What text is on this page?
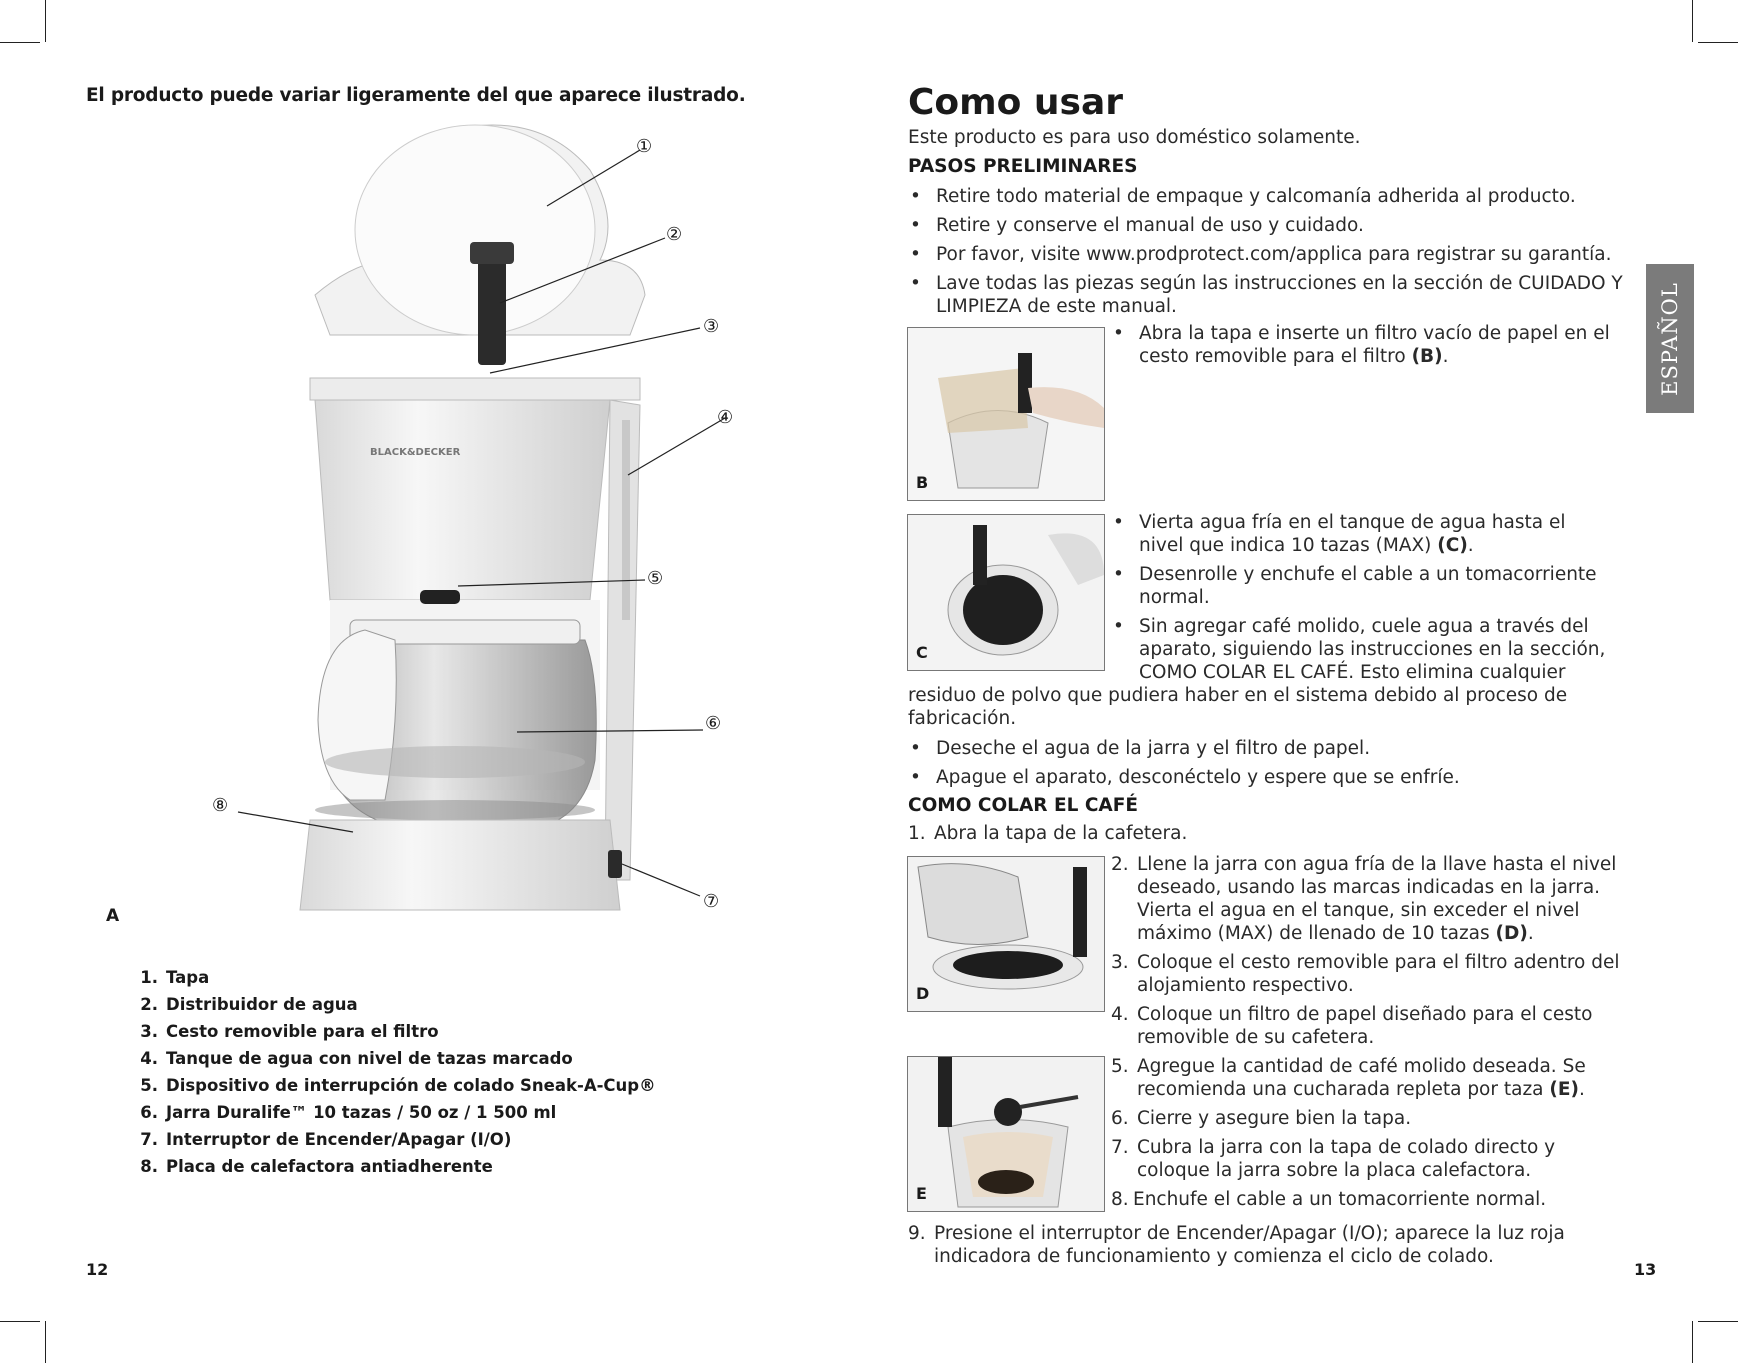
El producto puede variar ligeramente del que aparece ilustrado.
BLACK&DECKER
①
②
③
④
⑤
⑥
⑦
⑧
A
1. Tapa
2. Distribuidor de agua
3. Cesto removible para el filtro
4. Tanque de agua con nivel de tazas marcado
5. Dispositivo de interrupción de colado Sneak-A-Cup®
6. Jarra Duralife™ 10 tazas / 50 oz / 1 500 ml
7. Interruptor de Encender/Apagar (I/O)
8. Placa de calefactora antiadherente
12
Como usar
Este producto es para uso doméstico solamente.
PASOS PRELIMINARES
• Retire todo material de empaque y calcomanía adherida al producto.
• Retire y conserve el manual de uso y cuidado.
• Por favor, visite www.prodprotect.com/applica para registrar su garantía.
• Lave todas las piezas según las instrucciones en la sección de CUIDADO Y LIMPIEZA de este manual.
B
• Abra la tapa e inserte un filtro vacío de papel en el cesto removible para el filtro (B).
C
• Vierta agua fría en el tanque de agua hasta el nivel que indica 10 tazas (MAX) (C).
• Desenrolle y enchufe el cable a un tomacorriente normal.
• Sin agregar café molido, cuele agua a través del aparato, siguiendo las instrucciones en la sección, COMO COLAR EL CAFÉ. Esto elimina cualquier
residuo de polvo que pudiera haber en el sistema debido al proceso de fabricación.
• Deseche el agua de la jarra y el filtro de papel.
• Apague el aparato, desconéctelo y espere que se enfríe.
COMO COLAR EL CAFÉ
1. Abra la tapa de la cafetera.
D
2. Llene la jarra con agua fría de la llave hasta el nivel deseado, usando las marcas indicadas en la jarra. Vierta el agua en el tanque, sin exceder el nivel máximo (MAX) de llenado de 10 tazas (D).
3. Coloque el cesto removible para el filtro adentro del alojamiento respectivo.
4. Coloque un filtro de papel diseñado para el cesto removible de su cafetera.
E
5. Agregue la cantidad de café molido deseada. Se recomienda una cucharada repleta por taza (E).
6. Cierre y asegure bien la tapa.
7. Cubra la jarra con la tapa de colado directo y coloque la jarra sobre la placa calefactora.
8. Enchufe el cable a un tomacorriente normal.
9. Presione el interruptor de Encender/Apagar (I/O); aparece la luz roja indicadora de funcionamiento y comienza el ciclo de colado.
ESPAÑOL
13
